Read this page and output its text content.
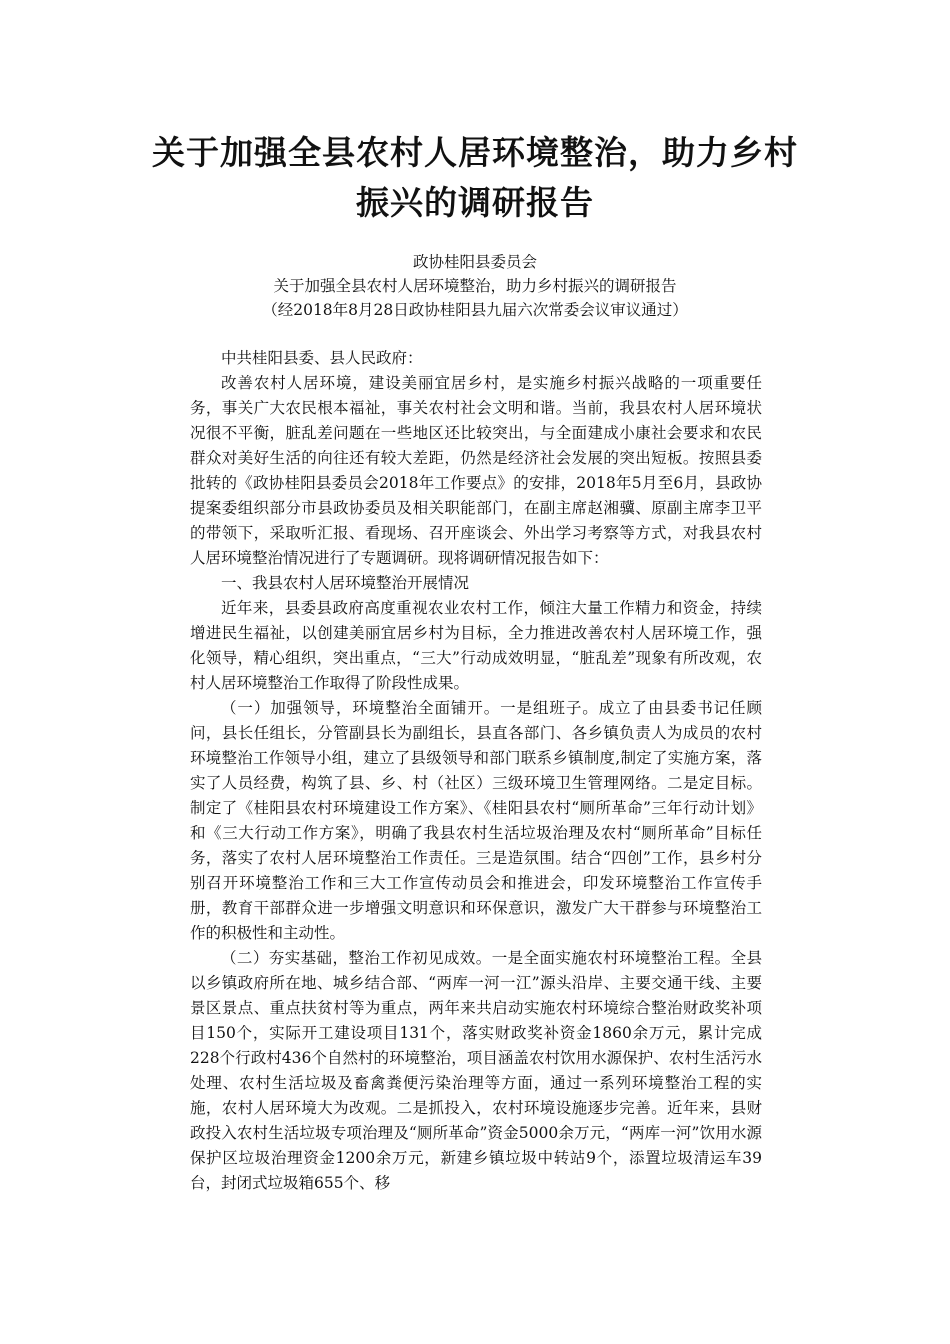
关于加强全县农村人居环境整治，助力乡村振兴的调研报告
政协桂阳县委员会
关于加强全县农村人居环境整治，助力乡村振兴的调研报告
（经2018年8月28日政协桂阳县九届六次常委会议审议通过）

中共桂阳县委、县人民政府：

改善农村人居环境，建设美丽宜居乡村，是实施乡村振兴战略的一项重要任务，事关广大农民根本福祉，事关农村社会文明和谐。当前，我县农村人居环境状况很不平衡，脏乱差问题在一些地区还比较突出，与全面建成小康社会要求和农民群众对美好生活的向往还有较大差距，仍然是经济社会发展的突出短板。按照县委批转的《政协桂阳县委员会2018年工作要点》的安排，2018年5月至6月，县政协提案委组织部分市县政协委员及相关职能部门，在副主席赵湘骥、原副主席李卫平的带领下，采取听汇报、看现场、召开座谈会、外出学习考察等方式，对我县农村人居环境整治情况进行了专题调研。现将调研情况报告如下：

一、我县农村人居环境整治开展情况

近年来，县委县政府高度重视农业农村工作，倾注大量工作精力和资金，持续增进民生福祉，以创建美丽宜居乡村为目标，全力推进改善农村人居环境工作，强化领导，精心组织，突出重点，“三大”行动成效明显，“脏乱差”现象有所改观，农村人居环境整治工作取得了阶段性成果。

（一）加强领导，环境整治全面铺开。一是组班子。成立了由县委书记任顾问，县长任组长，分管副县长为副组长，县直各部门、各乡镇负责人为成员的农村环境整治工作领导小组，建立了县级领导和部门联系乡镇制度,制定了实施方案，落实了人员经费，构筑了县、乡、村（社区）三级环境卫生管理网络。二是定目标。制定了《桂阳县农村环境建设工作方案》、《桂阳县农村“厕所革命”三年行动计划》和《三大行动工作方案》，明确了我县农村生活垃圾治理及农村“厕所革命”目标任务，落实了农村人居环境整治工作责任。三是造氛围。结合“四创”工作，县乡村分别召开环境整治工作和三大工作宣传动员会和推进会，印发环境整治工作宣传手册，教育干部群众进一步增强文明意识和环保意识，激发广大干群参与环境整治工作的积极性和主动性。

（二）夯实基础，整治工作初见成效。一是全面实施农村环境整治工程。全县以乡镇政府所在地、城乡结合部、“两库一河一江”源头沿岸、主要交通干线、主要景区景点、重点扶贫村等为重点，两年来共启动实施农村环境综合整治财政奖补项目150个，实际开工建设项目131个，落实财政奖补资金1860余万元，累计完成228个行政村436个自然村的环境整治，项目涵盖农村饮用水源保护、农村生活污水处理、农村生活垃圾及畜禽粪便污染治理等方面，通过一系列环境整治工程的实施，农村人居环境大为改观。二是抓投入，农村环境设施逐步完善。近年来，县财政投入农村生活垃圾专项治理及“厕所革命”资金5000余万元，“两库一河”饮用水源保护区垃圾治理资金1200余万元，新建乡镇垃圾中转站9个，添置垃圾清运车39台，封闭式垃圾箱655个、移
